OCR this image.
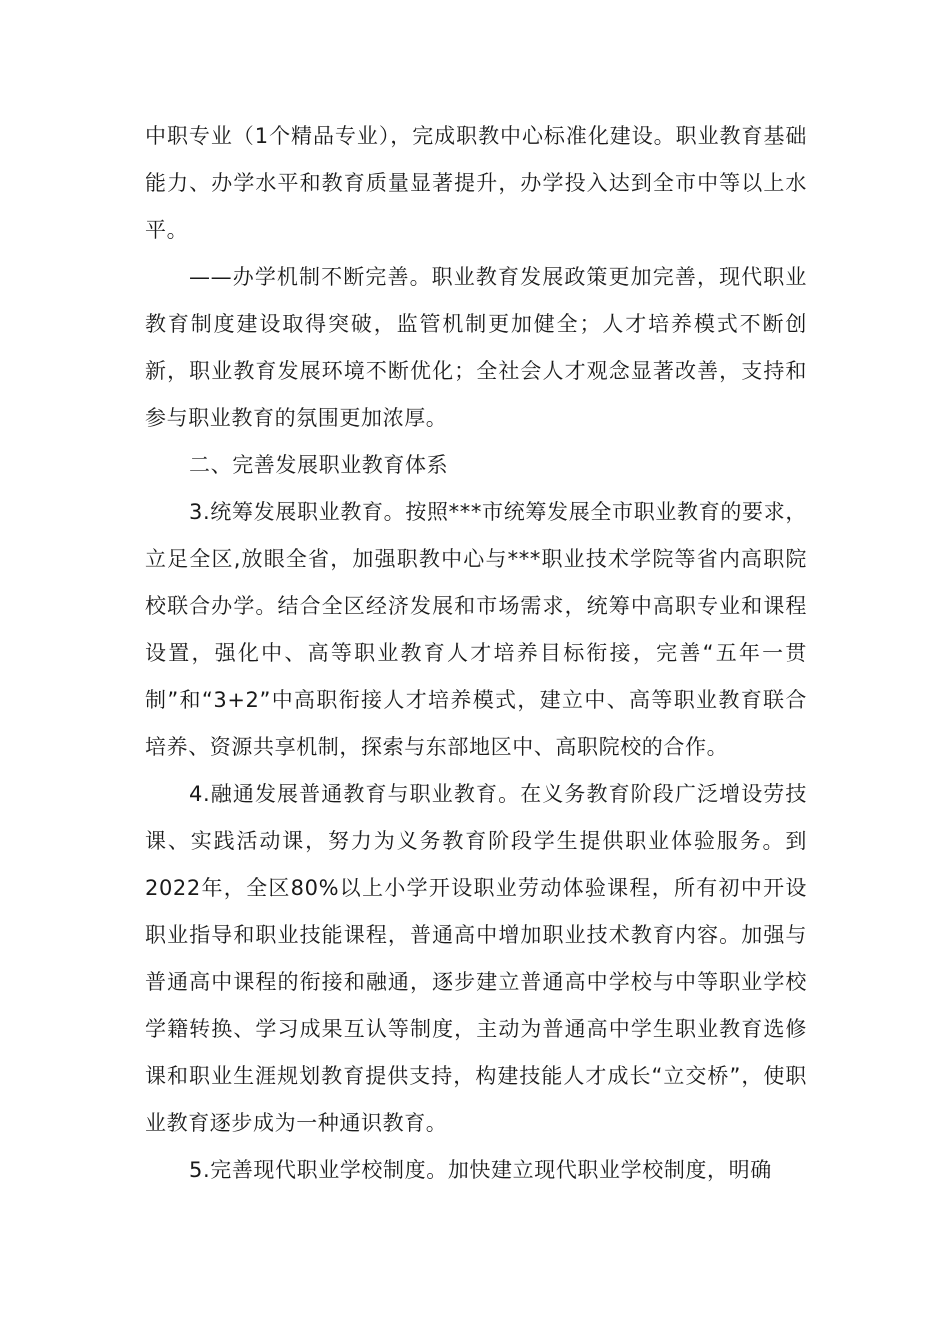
中职专业（1个精品专业），完成职教中心标准化建设。职业教育基础能力、办学水平和教育质量显著提升，办学投入达到全市中等以上水平。

——办学机制不断完善。职业教育发展政策更加完善，现代职业教育制度建设取得突破，监管机制更加健全；人才培养模式不断创新，职业教育发展环境不断优化；全社会人才观念显著改善，支持和参与职业教育的氛围更加浓厚。

二、完善发展职业教育体系

3.统筹发展职业教育。按照***市统筹发展全市职业教育的要求，立足全区,放眼全省，加强职教中心与***职业技术学院等省内高职院校联合办学。结合全区经济发展和市场需求，统筹中高职专业和课程设置，强化中、高等职业教育人才培养目标衔接，完善“五年一贯制”和“3+2”中高职衔接人才培养模式，建立中、高等职业教育联合培养、资源共享机制，探索与东部地区中、高职院校的合作。

4.融通发展普通教育与职业教育。在义务教育阶段广泛增设劳技课、实践活动课，努力为义务教育阶段学生提供职业体验服务。到2022年，全区80%以上小学开设职业劳动体验课程，所有初中开设职业指导和职业技能课程，普通高中增加职业技术教育内容。加强与普通高中课程的衔接和融通，逐步建立普通高中学校与中等职业学校学籍转换、学习成果互认等制度，主动为普通高中学生职业教育选修课和职业生涯规划教育提供支持，构建技能人才成长“立交桥”，使职业教育逐步成为一种通识教育。

5.完善现代职业学校制度。加快建立现代职业学校制度，明确
